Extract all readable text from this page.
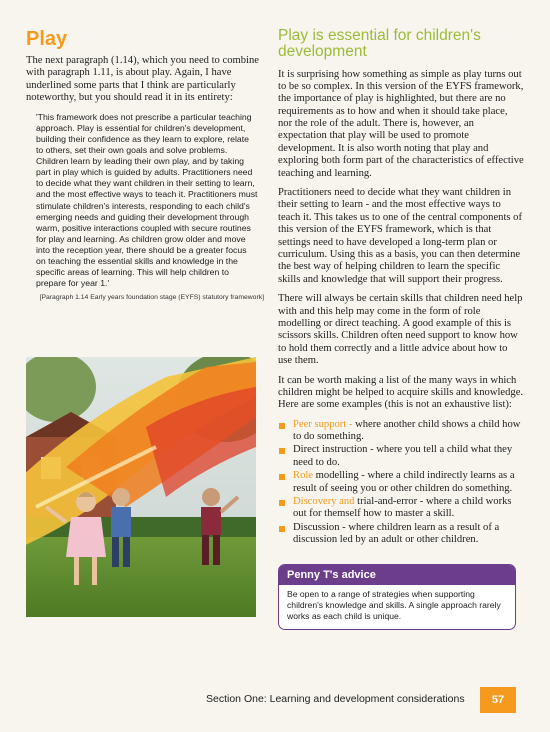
Play

The next paragraph (1.14), which you need to combine with paragraph 1.11, is about play. Again, I have underlined some parts that I think are particularly noteworthy, but you should read it in its entirety:

'This framework does not prescribe a particular teaching approach. Play is essential for children's development, building their confidence as they learn to explore, relate to others, set their own goals and solve problems. Children learn by leading their own play, and by taking part in play which is guided by adults. Practitioners need to decide what they want children in their setting to learn, and the most effective ways to teach it. Practitioners must stimulate children's interests, responding to each child's emerging needs and guiding their development through warm, positive interactions coupled with secure routines for play and learning. As children grow older and move into the reception year, there should be a greater focus on teaching the essential skills and knowledge in the specific areas of learning. This will help children to prepare for year 1.'

[Paragraph 1.14 Early years foundation stage (EYFS) statutory framework]

Play is essential for children's development

It is surprising how something as simple as play turns out to be so complex. In this version of the EYFS framework, the importance of play is highlighted, but there are no requirements as to how and when it should take place, nor the role of the adult. There is, however, an expectation that play will be used to promote development. It is also worth noting that play and exploring both form part of the characteristics of effective teaching and learning.

Practitioners need to decide what they want children in their setting to learn - and the most effective ways to teach it. This takes us to one of the central components of this version of the EYFS framework, which is that settings need to have developed a long-term plan or curriculum. Using this as a basis, you can then determine the best way of helping children to learn the specific skills and knowledge that will support their progress.

There will always be certain skills that children need help with and this help may come in the form of role modelling or direct teaching. A good example of this is scissors skills. Children often need support to know how to hold them correctly and a little advice about how to use them.

It can be worth making a list of the many ways in which children might be helped to acquire skills and knowledge. Here are some examples (this is not an exhaustive list):

Peer support - where another child shows a child how to do something.
Direct instruction - where you tell a child what they need to do.
Role modelling - where a child indirectly learns as a result of seeing you or other children do something.
Discovery and trial-and-error - where a child works out for themself how to master a skill.
Discussion - where children learn as a result of a discussion led by an adult or other children.
Penny T's advice
Be open to a range of strategies when supporting children's knowledge and skills. A single approach rarely works as each child is unique.
Section One: Learning and development considerations	57
